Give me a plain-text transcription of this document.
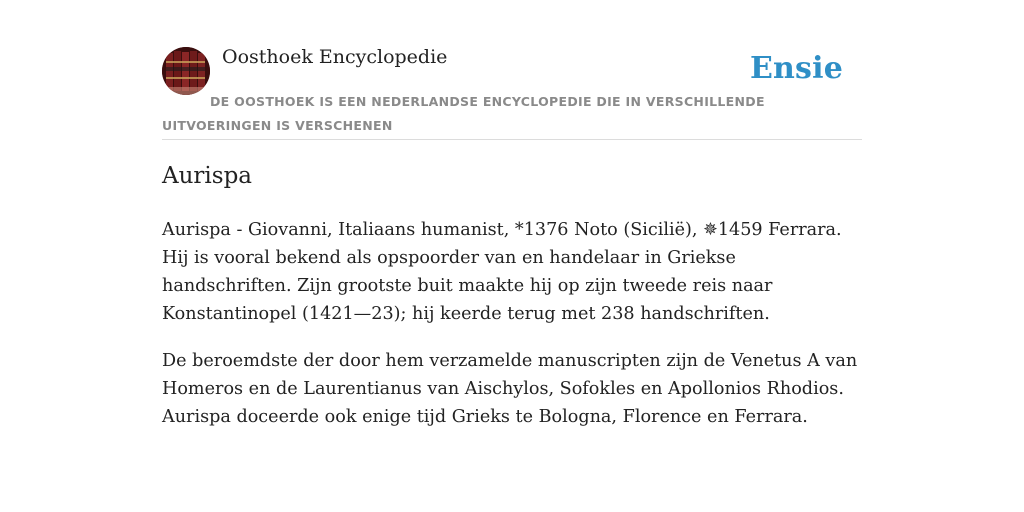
Oosthoek Encyclopedie	Ensie
DE OOSTHOEK IS EEN NEDERLANDSE ENCYCLOPEDIE DIE IN VERSCHILLENDE UITVOERINGEN IS VERSCHENEN
Aurispa

Aurispa - Giovanni, Italiaans humanist, *1376 Noto (Sicilië), ✵1459 Ferrara. Hij is vooral bekend als opspoorder van en handelaar in Griekse handschriften. Zijn grootste buit maakte hij op zijn tweede reis naar Konstantinopel (1421—23); hij keerde terug met 238 handschriften.

De beroemdste der door hem verzamelde manuscripten zijn de Venetus A van Homeros en de Laurentianus van Aischylos, Sofokles en Apollonios Rhodios. Aurispa doceerde ook enige tijd Grieks te Bologna, Florence en Ferrara.
